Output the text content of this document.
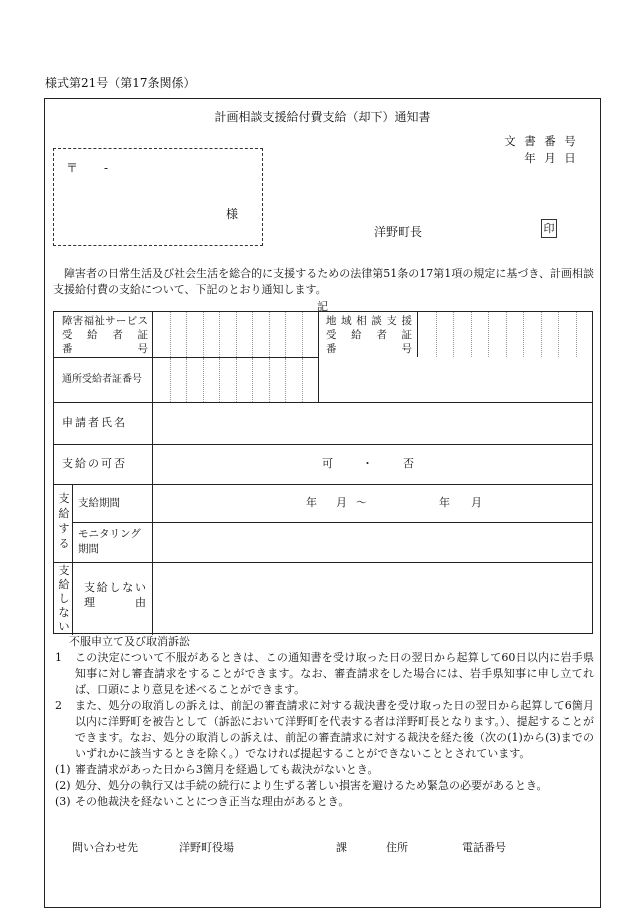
様式第21号（第17条関係）
計画相談支援給付費支給（却下）通知書
文 書 番 号
年 月 日
〒 -
様
洋野町長	印
障害者の日常生活及び社会生活を総合的に支援するための法律第51条の17第1項の規定に基づき、計画相談支援給付費の支給について、下記のとおり通知します。
記
障害福祉サービス
受　給　者　証
番　　　　　号
地域相談支援
受　給　者　証
番　　　　　号
通所受給者証番号
申請者氏名
支給の可否	可	・	否
支
給
す
る
支給期間	年 月 ～	年 月
モニタリング
期間
支
給
し
な
い
支給しない
理　　　由
不服申立て及び取消訴訟
1 この決定について不服があるときは、この通知書を受け取った日の翌日から起算して60日以内に岩手県知事に対し審査請求をすることができます。なお、審査請求をした場合には、岩手県知事に申し立てれば、口頭により意見を述べることができます。
2 また、処分の取消しの訴えは、前記の審査請求に対する裁決書を受け取った日の翌日から起算して6箇月以内に洋野町を被告として（訴訟において洋野町を代表する者は洋野町長となります。）、提起することができます。なお、処分の取消しの訴えは、前記の審査請求に対する裁決を経た後（次の(1)から(3)までのいずれかに該当するときを除く。）でなければ提起することができないこととされています。
(1) 審査請求があった日から3箇月を経過しても裁決がないとき。
(2) 処分、処分の執行又は手続の続行により生ずる著しい損害を避けるため緊急の必要があるとき。
(3) その他裁決を経ないことにつき正当な理由があるとき。
問い合わせ先	洋野町役場	課	住所	電話番号
